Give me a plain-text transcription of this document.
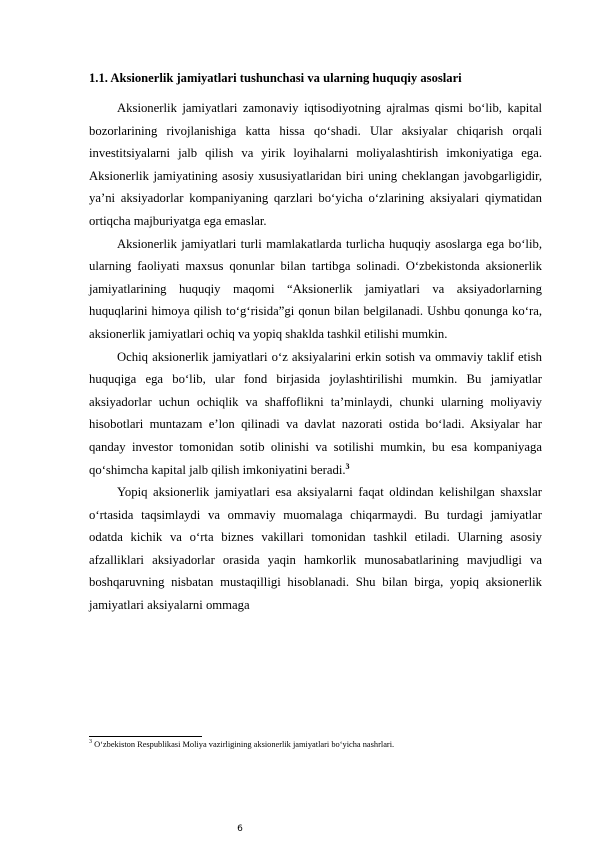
1.1. Aksionerlik jamiyatlari tushunchasi va ularning huquqiy asoslari

Aksionerlik jamiyatlari zamonaviy iqtisodiyotning ajralmas qismi bo‘lib, kapital bozorlarining rivojlanishiga katta hissa qo‘shadi. Ular aksiyalar chiqarish orqali investitsiyalarni jalb qilish va yirik loyihalarni moliyalashtirish imkoniyatiga ega. Aksionerlik jamiyatining asosiy xususiyatlaridan biri uning cheklangan javobgarligidir, ya’ni aksiyadorlar kompaniyaning qarzlari bo‘yicha o‘zlarining aksiyalari qiymatidan ortiqcha majburiyatga ega emaslar.

Aksionerlik jamiyatlari turli mamlakatlarda turlicha huquqiy asoslarga ega bo‘lib, ularning faoliyati maxsus qonunlar bilan tartibga solinadi. O‘zbekistonda aksionerlik jamiyatlarining huquqiy maqomi “Aksionerlik jamiyatlari va aksiyadorlarning huquqlarini himoya qilish to‘g‘risida”gi qonun bilan belgilanadi. Ushbu qonunga ko‘ra, aksionerlik jamiyatlari ochiq va yopiq shaklda tashkil etilishi mumkin.

Ochiq aksionerlik jamiyatlari o‘z aksiyalarini erkin sotish va ommaviy taklif etish huquqiga ega bo‘lib, ular fond birjasida joylashtirilishi mumkin. Bu jamiyatlar aksiyadorlar uchun ochiqlik va shaffoflikni ta’minlaydi, chunki ularning moliyaviy hisobotlari muntazam e’lon qilinadi va davlat nazorati ostida bo‘ladi. Aksiyalar har qanday investor tomonidan sotib olinishi va sotilishi mumkin, bu esa kompaniyaga qo‘shimcha kapital jalb qilish imkoniyatini beradi.$^3$

Yopiq aksionerlik jamiyatlari esa aksiyalarni faqat oldindan kelishilgan shaxslar o‘rtasida taqsimlaydi va ommaviy muomalaga chiqarmaydi. Bu turdagi jamiyatlar odatda kichik va o‘rta biznes vakillari tomonidan tashkil etiladi. Ularning asosiy afzalliklari aksiyadorlar orasida yaqin hamkorlik munosabatlarining mavjudligi va boshqaruvning nisbatan mustaqilligi hisoblanadi. Shu bilan birga, yopiq aksionerlik jamiyatlari aksiyalarni ommaga

$^3$ O‘zbekiston Respublikasi Moliya vazirligining aksionerlik jamiyatlari bo‘yicha nashrlari.
6
